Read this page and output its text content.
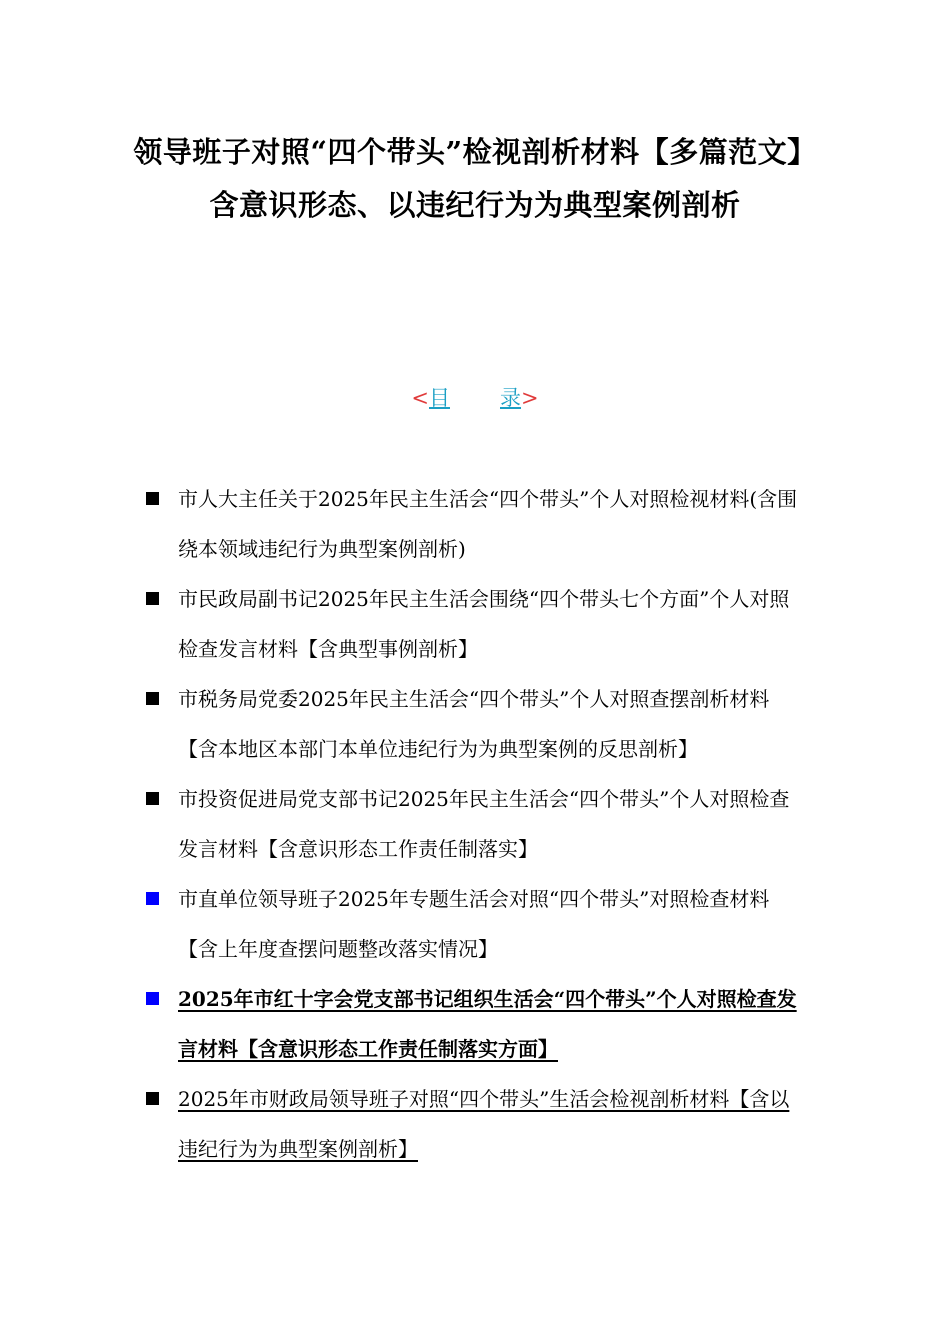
领导班子对照“四个带头”检视剖析材料【多篇范文】含意识形态、以违纪行为为典型案例剖析
<目 录>
市人大主任关于2025年民主生活会“四个带头”个人对照检视材料(含围绕本领域违纪行为典型案例剖析)
市民政局副书记2025年民主生活会围绕“四个带头七个方面”个人对照检查发言材料【含典型事例剖析】
市税务局党委2025年民主生活会“四个带头”个人对照查摆剖析材料【含本地区本部门本单位违纪行为为典型案例的反思剖析】
市投资促进局党支部书记2025年民主生活会“四个带头”个人对照检查发言材料【含意识形态工作责任制落实】
市直单位领导班子2025年专题生活会对照“四个带头”对照检查材料【含上年度查摆问题整改落实情况】
2025年市红十字会党支部书记组织生活会“四个带头”个人对照检查发言材料【含意识形态工作责任制落实方面】
2025年市财政局领导班子对照“四个带头”生活会检视剖析材料【含以违纪行为为典型案例剖析】
